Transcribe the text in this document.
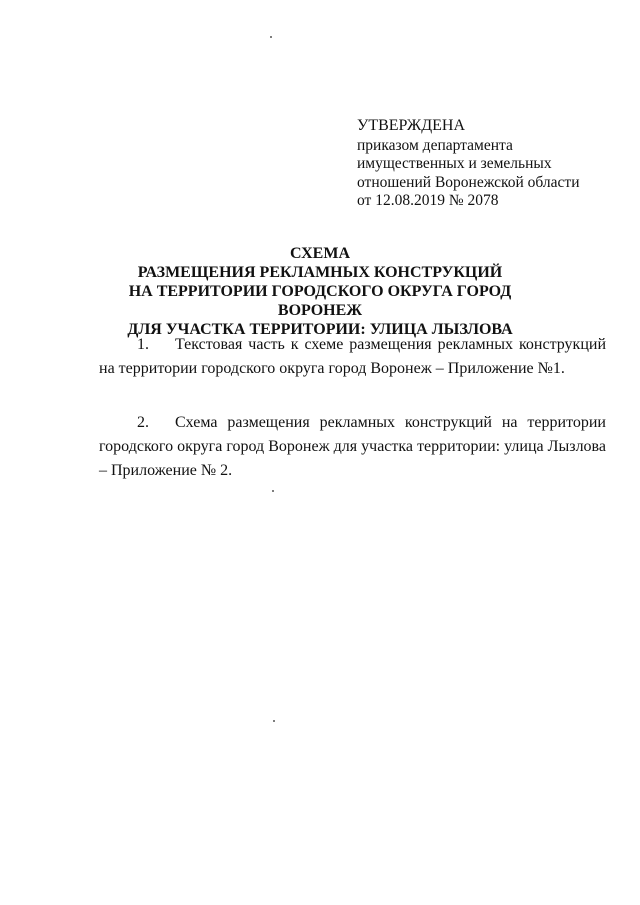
УТВЕРЖДЕНА
приказом департамента
имущественных и земельных
отношений Воронежской области
от 12.08.2019 № 2078
СХЕМА
РАЗМЕЩЕНИЯ РЕКЛАМНЫХ КОНСТРУКЦИЙ
НА ТЕРРИТОРИИ ГОРОДСКОГО ОКРУГА ГОРОД ВОРОНЕЖ
ДЛЯ УЧАСТКА ТЕРРИТОРИИ: УЛИЦА ЛЫЗЛОВА
1. Текстовая часть к схеме размещения рекламных конструкций на территории городского округа город Воронеж – Приложение №1.
2. Схема размещения рекламных конструкций на территории городского округа город Воронеж для участка территории: улица Лызлова – Приложение № 2.
